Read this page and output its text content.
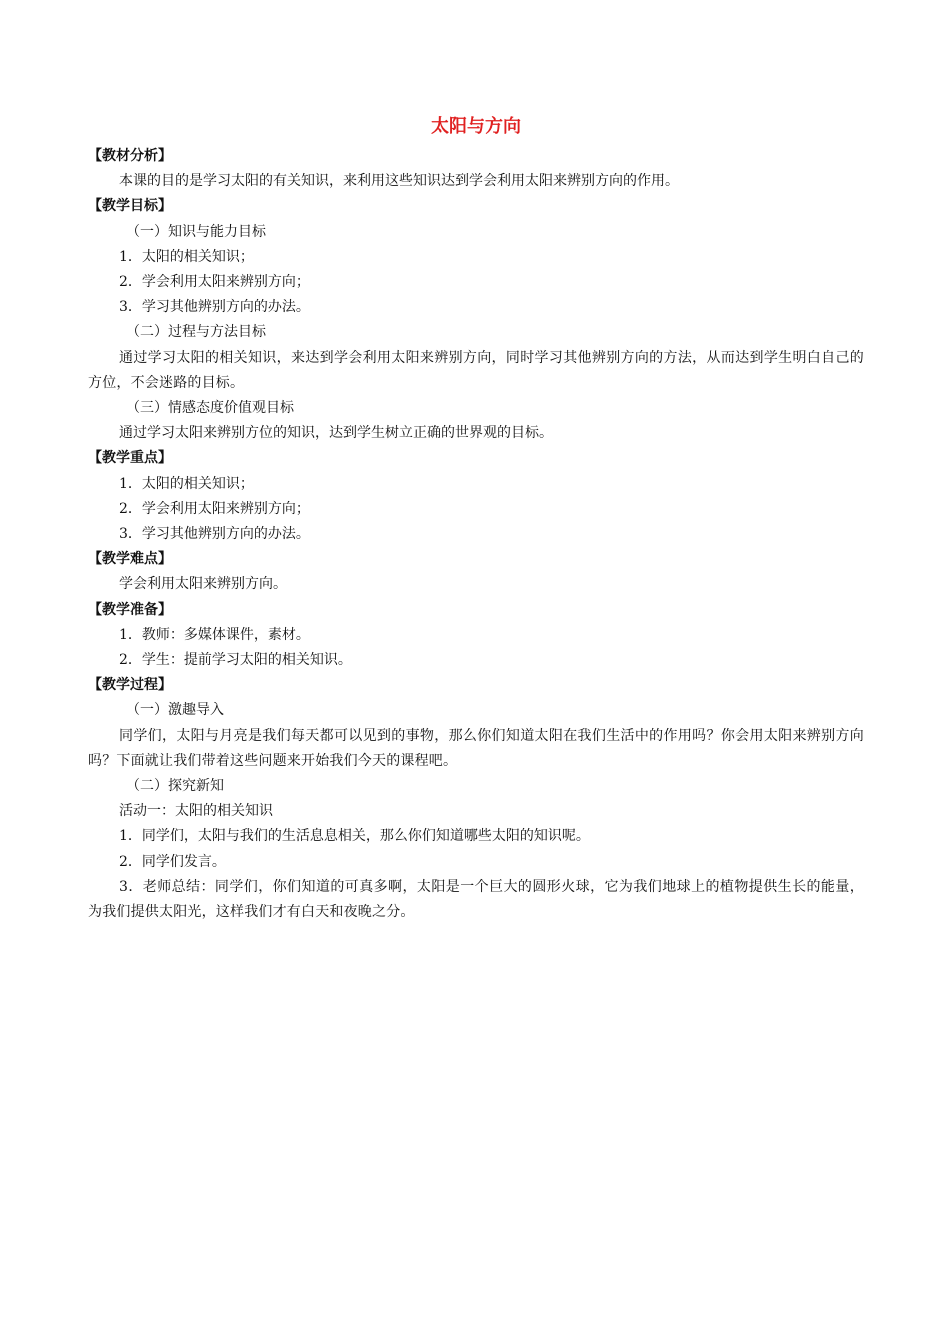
太阳与方向
【教材分析】
本课的目的是学习太阳的有关知识，来利用这些知识达到学会利用太阳来辨别方向的作用。
【教学目标】
（一）知识与能力目标
1．太阳的相关知识；
2．学会利用太阳来辨别方向；
3．学习其他辨别方向的办法。
（二）过程与方法目标

通过学习太阳的相关知识，来达到学会利用太阳来辨别方向，同时学习其他辨别方向的方法，从而达到学生明白自己的方位，不会迷路的目标。

（三）情感态度价值观目标
通过学习太阳来辨别方位的知识，达到学生树立正确的世界观的目标。
【教学重点】
1．太阳的相关知识；
2．学会利用太阳来辨别方向；
3．学习其他辨别方向的办法。
【教学难点】
学会利用太阳来辨别方向。
【教学准备】
1．教师：多媒体课件，素材。
2．学生：提前学习太阳的相关知识。
【教学过程】
（一）激趣导入

同学们，太阳与月亮是我们每天都可以见到的事物，那么你们知道太阳在我们生活中的作用吗？你会用太阳来辨别方向吗？下面就让我们带着这些问题来开始我们今天的课程吧。

（二）探究新知
活动一：太阳的相关知识
1．同学们，太阳与我们的生活息息相关，那么你们知道哪些太阳的知识呢。
2．同学们发言。

3．老师总结：同学们，你们知道的可真多啊，太阳是一个巨大的圆形火球，它为我们地球上的植物提供生长的能量，为我们提供太阳光，这样我们才有白天和夜晚之分。
